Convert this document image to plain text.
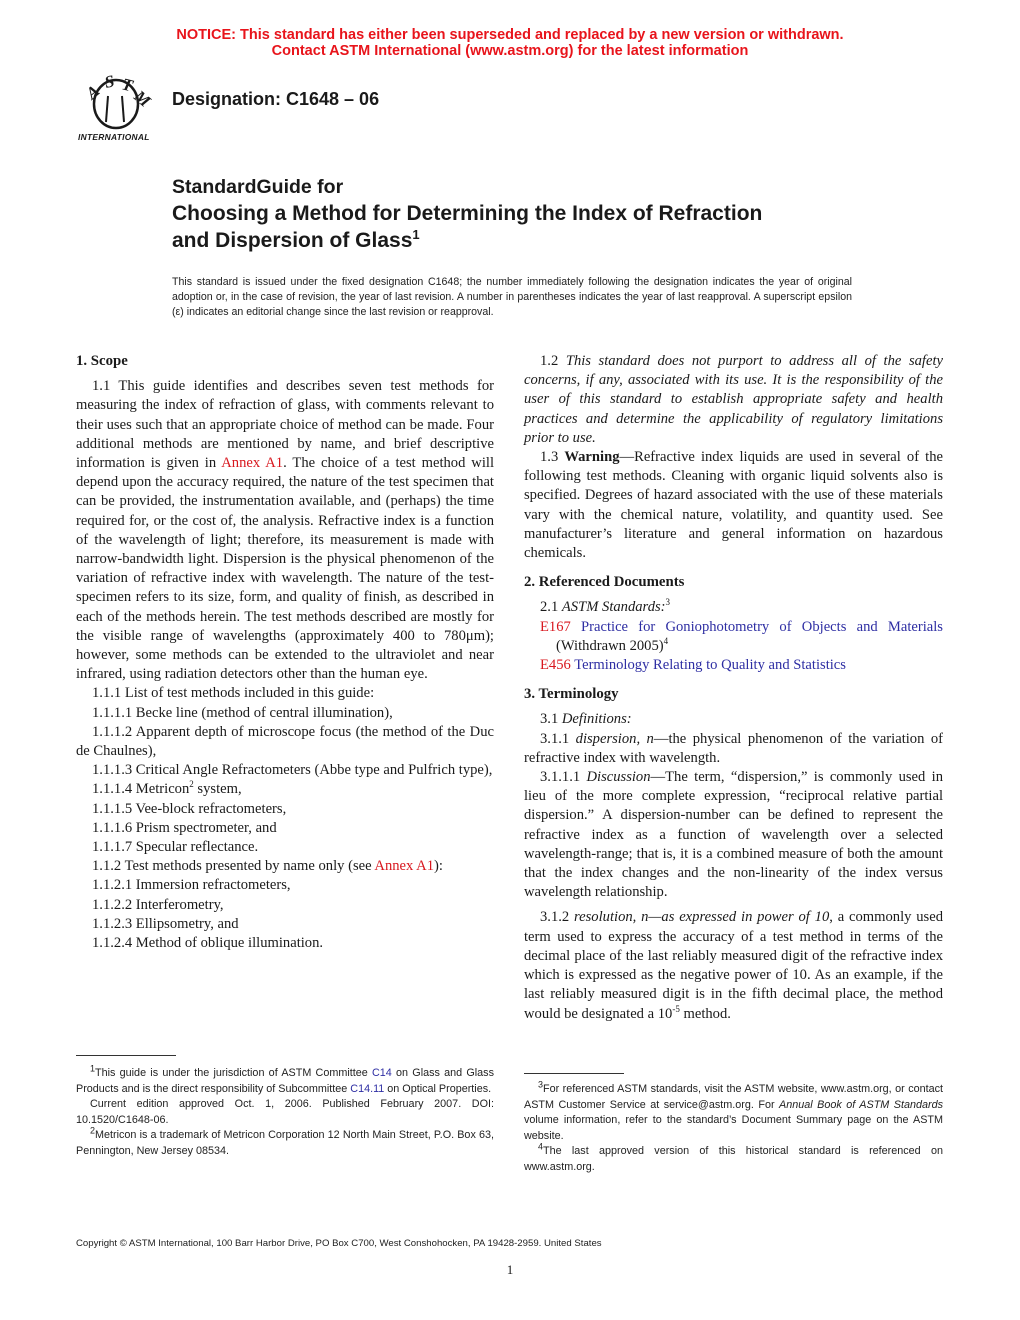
NOTICE: This standard has either been superseded and replaced by a new version or withdrawn.
Contact ASTM International (www.astm.org) for the latest information
A S T
M
INTERNATIONAL
Designation: C1648 – 06
StandardGuide for
Choosing a Method for Determining the Index of Refraction
and Dispersion of Glass$^1$
This standard is issued under the fixed designation C1648; the number immediately following the designation indicates the year of original adoption or, in the case of revision, the year of last revision. A number in parentheses indicates the year of last reapproval. A superscript epsilon (ε) indicates an editorial change since the last revision or reapproval.

1. Scope

1.1 This guide identifies and describes seven test methods for measuring the index of refraction of glass, with comments relevant to their uses such that an appropriate choice of method can be made. Four additional methods are mentioned by name, and brief descriptive information is given in Annex A1. The choice of a test method will depend upon the accuracy required, the nature of the test specimen that can be provided, the instrumentation available, and (perhaps) the time required for, or the cost of, the analysis. Refractive index is a function of the wavelength of light; therefore, its measurement is made with narrow-bandwidth light. Dispersion is the physical phenomenon of the variation of refractive index with wavelength. The nature of the test-specimen refers to its size, form, and quality of finish, as described in each of the methods herein. The test methods described are mostly for the visible range of wavelengths (approximately 400 to 780μm); however, some methods can be extended to the ultraviolet and near infrared, using radiation detectors other than the human eye.

1.1.1 List of test methods included in this guide:

1.1.1.1 Becke line (method of central illumination),

1.1.1.2 Apparent depth of microscope focus (the method of the Duc de Chaulnes),

1.1.1.3 Critical Angle Refractometers (Abbe type and Pulfrich type),

1.1.1.4 Metricon$^2$ system,

1.1.1.5 Vee-block refractometers,

1.1.1.6 Prism spectrometer, and

1.1.1.7 Specular reflectance.

1.1.2 Test methods presented by name only (see Annex A1):

1.1.2.1 Immersion refractometers,

1.1.2.2 Interferometry,

1.1.2.3 Ellipsometry, and

1.1.2.4 Method of oblique illumination.

1.2 This standard does not purport to address all of the safety concerns, if any, associated with its use. It is the responsibility of the user of this standard to establish appropriate safety and health practices and determine the applicability of regulatory limitations prior to use.

1.3 Warning—Refractive index liquids are used in several of the following test methods. Cleaning with organic liquid solvents also is specified. Degrees of hazard associated with the use of these materials vary with the chemical nature, volatility, and quantity used. See manufacturer’s literature and general information on hazardous chemicals.

2. Referenced Documents

2.1 ASTM Standards:$^3$

E167 Practice for Goniophotometry of Objects and Materials (Withdrawn 2005)$^4$

E456 Terminology Relating to Quality and Statistics

3. Terminology

3.1 Definitions:

3.1.1 dispersion, n—the physical phenomenon of the variation of refractive index with wavelength.

3.1.1.1 Discussion—The term, “dispersion,” is commonly used in lieu of the more complete expression, “reciprocal relative partial dispersion.” A dispersion-number can be defined to represent the refractive index as a function of wavelength over a selected wavelength-range; that is, it is a combined measure of both the amount that the index changes and the non-linearity of the index versus wavelength relationship.

3.1.2 resolution, n—as expressed in power of 10, a commonly used term used to express the accuracy of a test method in terms of the decimal place of the last reliably measured digit of the refractive index which is expressed as the negative power of 10. As an example, if the last reliably measured digit is in the fifth decimal place, the method would be designated a $10^{-5}$ method.

$^1$This guide is under the jurisdiction of ASTM Committee C14 on Glass and Glass Products and is the direct responsibility of Subcommittee C14.11 on Optical Properties.

Current edition approved Oct. 1, 2006. Published February 2007. DOI: 10.1520/C1648-06.

$^2$Metricon is a trademark of Metricon Corporation 12 North Main Street, P.O. Box 63, Pennington, New Jersey 08534.

$^3$For referenced ASTM standards, visit the ASTM website, www.astm.org, or contact ASTM Customer Service at service@astm.org. For Annual Book of ASTM Standards volume information, refer to the standard’s Document Summary page on the ASTM website.

$^4$The last approved version of this historical standard is referenced on www.astm.org.

Copyright © ASTM International, 100 Barr Harbor Drive, PO Box C700, West Conshohocken, PA 19428-2959. United States
1
